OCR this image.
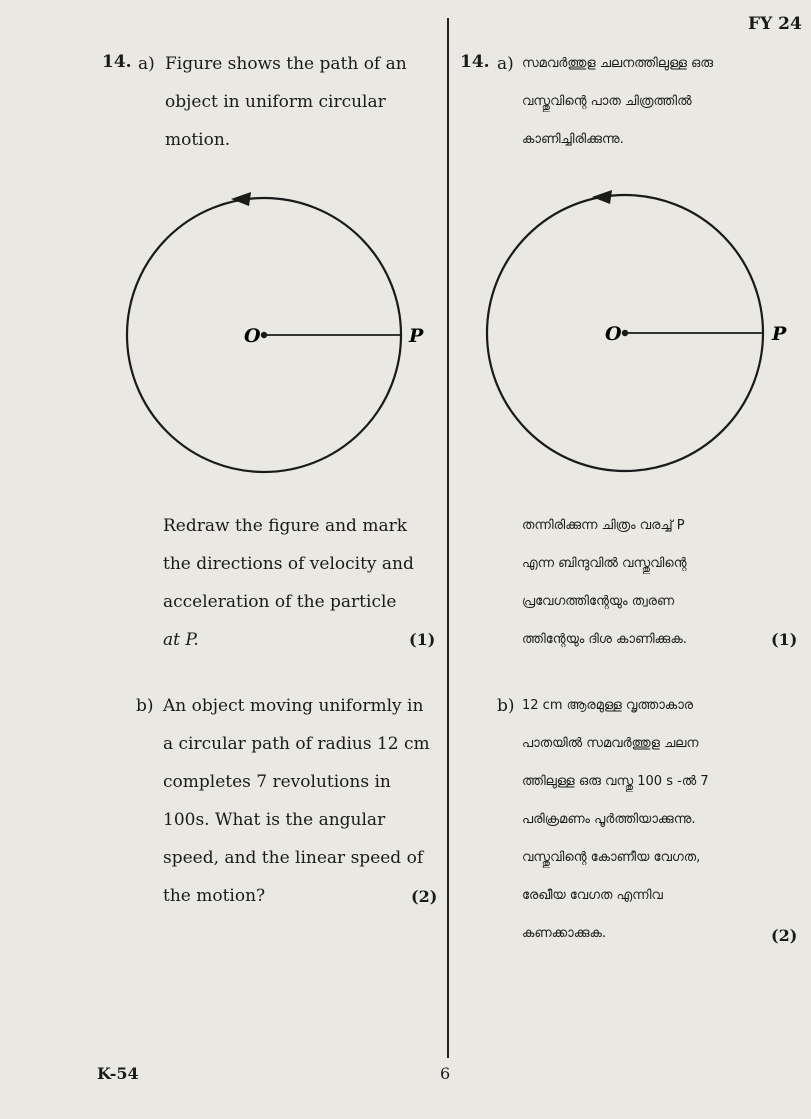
FY 24
14. a) Figure shows the path of an
object in uniform circular
motion.
O	P
Redraw the figure and mark
the directions of velocity and
acceleration of the particle
at P.	(1)
b) An object moving uniformly in
a circular path of radius 12 cm
completes 7 revolutions in
100s. What is the angular
speed, and the linear speed of
the motion?	(2)
14. a) സമവർത്തുള ചലനത്തിലുള്ള ഒരു
വസ്തുവിന്റെ പാത ചിത്രത്തിൽ
കാണിച്ചിരിക്കുന്നു.
O	P
തന്നിരിക്കുന്ന ചിത്രം വരച്ച് P
എന്ന ബിന്ദുവിൽ വസ്തുവിന്റെ
പ്രവേഗത്തിന്റേയും ത്വരണ
ത്തിന്റേയും ദിശ കാണിക്കുക.	(1)
b) 12 cm ആരമുള്ള വൃത്താകാര
പാതയിൽ സമവർത്തുള ചലന
ത്തിലുള്ള ഒരു വസ്തു 100 s -ൽ 7
പരിക്രമണം പൂർത്തിയാക്കുന്നു.
വസ്തുവിന്റെ കോണീയ വേഗത,
രേഖീയ വേഗത എന്നിവ
കണക്കാക്കുക.	(2)
K-54	6
